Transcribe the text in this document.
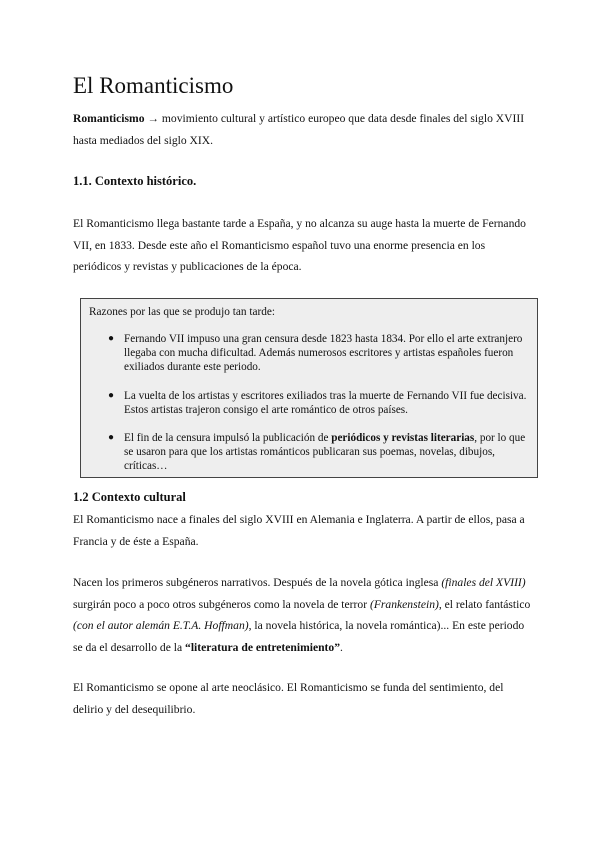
El Romanticismo

Romanticismo → movimiento cultural y artístico europeo que data desde finales del siglo XVIII hasta mediados del siglo XIX.

1.1. Contexto histórico.

El Romanticismo llega bastante tarde a España, y no alcanza su auge hasta la muerte de Fernando VII, en 1833. Desde este año el Romanticismo español tuvo una enorme presencia en los periódicos y revistas y publicaciones de la época.

Razones por las que se produjo tan tarde:

● Fernando VII impuso una gran censura desde 1823 hasta 1834. Por ello el arte extranjero llegaba con mucha dificultad. Además numerosos escritores y artistas españoles fueron exiliados durante este periodo.
● La vuelta de los artistas y escritores exiliados tras la muerte de Fernando VII fue decisiva. Estos artistas trajeron consigo el arte romántico de otros países.
● El fin de la censura impulsó la publicación de periódicos y revistas literarias, por lo que se usaron para que los artistas románticos publicaran sus poemas, novelas, dibujos, críticas…
1.2 Contexto cultural

El Romanticismo nace a finales del siglo XVIII en Alemania e Inglaterra. A partir de ellos, pasa a Francia y de éste a España.

Nacen los primeros subgéneros narrativos. Después de la novela gótica inglesa (finales del XVIII) surgirán poco a poco otros subgéneros como la novela de terror (Frankenstein), el relato fantástico (con el autor alemán E.T.A. Hoffman), la novela histórica, la novela romántica)... En este periodo se da el desarrollo de la “literatura de entretenimiento”.

El Romanticismo se opone al arte neoclásico. El Romanticismo se funda del sentimiento, del delirio y del desequilibrio.
